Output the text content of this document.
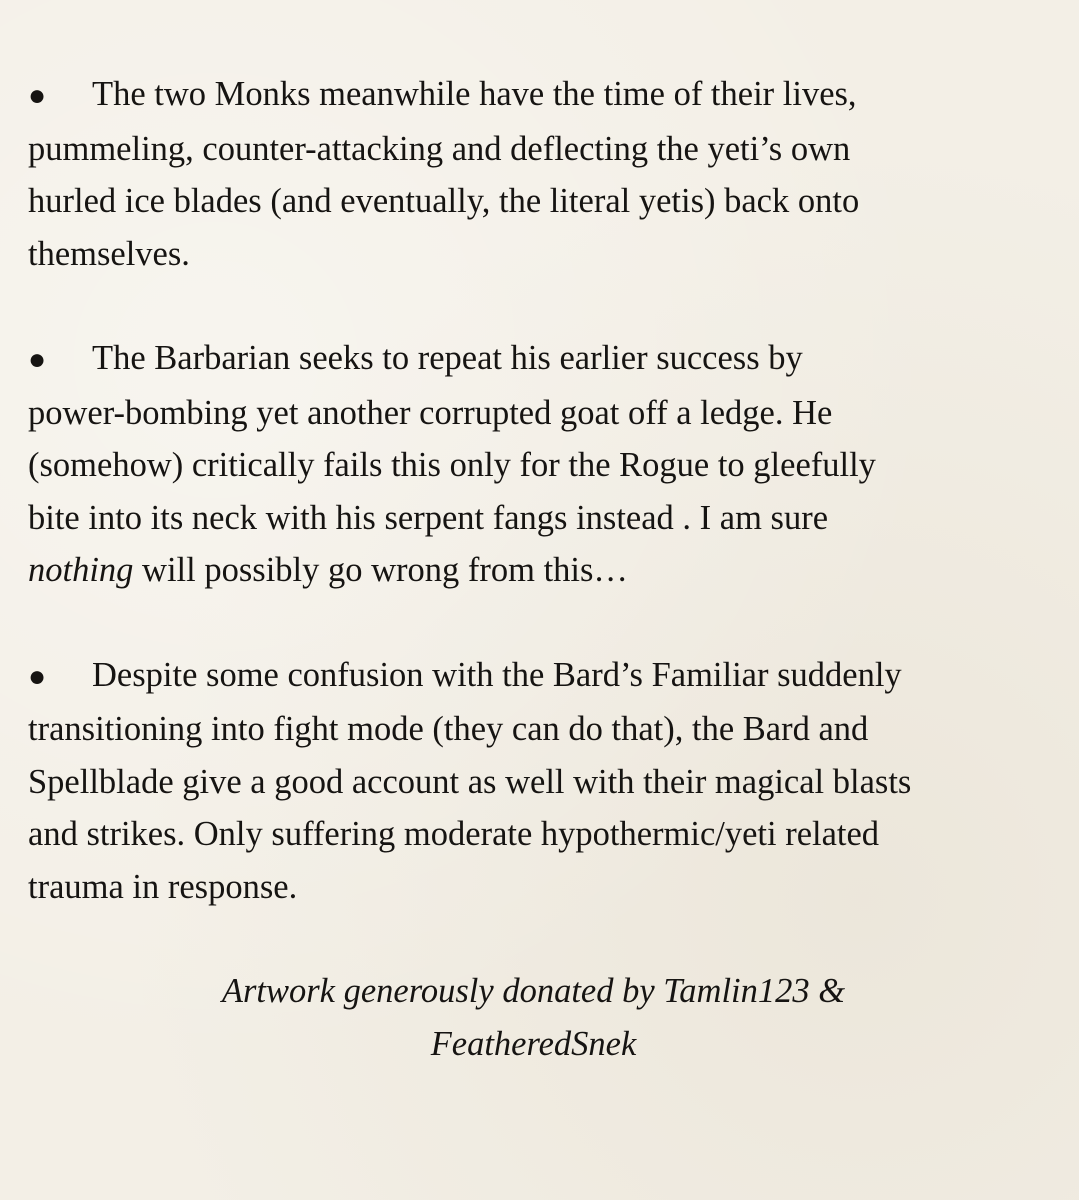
● The two Monks meanwhile have the time of their lives,
pummeling, counter-attacking and deflecting the yeti’s own
hurled ice blades (and eventually, the literal yetis) back onto
themselves.
● The Barbarian seeks to repeat his earlier success by
power-bombing yet another corrupted goat off a ledge. He
(somehow) critically fails this only for the Rogue to gleefully
bite into its neck with his serpent fangs instead . I am sure
nothing will possibly go wrong from this…
● Despite some confusion with the Bard’s Familiar suddenly
transitioning into fight mode (they can do that), the Bard and
Spellblade give a good account as well with their magical blasts
and strikes. Only suffering moderate hypothermic/yeti related
trauma in response.
Artwork generously donated by Tamlin123 &
FeatheredSnek
